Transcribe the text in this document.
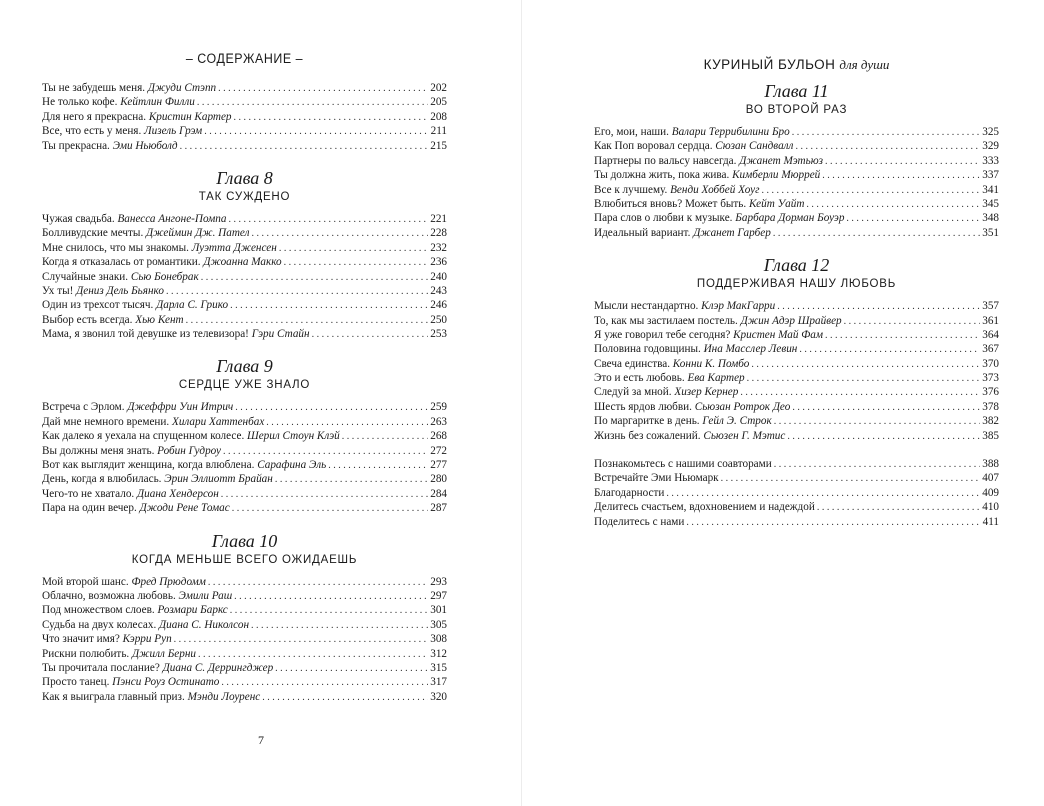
– СОДЕРЖАНИЕ –
Ты не забудешь меня. Джуди Стэпп . . .	202
Не только кофе. Кейтлин Филли . . .	205
Для него я прекрасна. Кристин Картер . . .	208
Все, что есть у меня. Лизель Грэм . . .	211
Ты прекрасна. Эми Ньюболд . . .	215
Глава 8
ТАК СУЖДЕНО
Чужая свадьба. Ванесса Ангоне-Помпа . . .	221
Болливудские мечты. Джеймин Дж. Пател . . .	228
Мне снилось, что мы знакомы. Луэтта Дженсен . . .	232
Когда я отказалась от романтики. Джоанна Макко . . .	236
Случайные знаки. Сью Бонебрак . . .	240
Ух ты! Дениз Дель Бьянко . . .	243
Один из трехсот тысяч. Дарла С. Грико . . .	246
Выбор есть всегда. Хью Кент . . .	250
Мама, я звонил той девушке из телевизора! Гэри Стайн . . .	253
Глава 9
СЕРДЦЕ УЖЕ ЗНАЛО
Встреча с Эрлом. Джеффри Уин Итрич . . .	259
Дай мне немного времени. Хилари Хаттенбах . . .	263
Как далеко я уехала на спущенном колесе. Шерил Стоун Клэй . . .	268
Вы должны меня знать. Робин Гудроу . . .	272
Вот как выглядит женщина, когда влюблена. Сарафина Эль . . .	277
День, когда я влюбилась. Эрин Эллиотт Брайан . . .	280
Чего-то не хватало. Диана Хендерсон . . .	284
Пара на один вечер. Джоди Рене Томас . . .	287
Глава 10
КОГДА МЕНЬШЕ ВСЕГО ОЖИДАЕШЬ
Мой второй шанс. Фред Прюдомм . . .	293
Облачно, возможна любовь. Эмили Раш . . .	297
Под множеством слоев. Розмари Баркс . . .	301
Судьба на двух колесах. Диана С. Николсон . . .	305
Что значит имя? Кэрри Руп . . .	308
Рискни полюбить. Джилл Берни . . .	312
Ты прочитала послание? Диана С. Деррингджер . . .	315
Просто танец. Пэнси Роуз Остинато . . .	317
Как я выиграла главный приз. Мэнди Лоуренс . . .	320
7
КУРИНЫЙ БУЛЬОН для души
Глава 11
ВО ВТОРОЙ РАЗ
Его, мои, наши. Валари Террибилини Бро . . .	325
Как Поп воровал сердца. Сюзан Сандвалл . . .	329
Партнеры по вальсу навсегда. Джанет Мэтьюз . . .	333
Ты должна жить, пока жива. Кимберли Мюррей . . .	337
Все к лучшему. Венди Хоббей Хоуг . . .	341
Влюбиться вновь? Может быть. Кейт Уайт . . .	345
Пара слов о любви к музыке. Барбара Дорман Боуэр . . .	348
Идеальный вариант. Джанет Гарбер . . .	351
Глава 12
ПОДДЕРЖИВАЯ НАШУ ЛЮБОВЬ
Мысли нестандартно. Клэр МакГарри . . .	357
То, как мы застилаем постель. Джин Адэр Шрайвер . . .	361
Я уже говорил тебе сегодня? Кристен Май Фам . . .	364
Половина годовщины. Ина Масслер Левин . . .	367
Свеча единства. Конни К. Помбо . . .	370
Это и есть любовь. Ева Картер . . .	373
Следуй за мной. Хизер Кернер . . .	376
Шесть ярдов любви. Сьюзан Ротрок Део . . .	378
По маргаритке в день. Гейл Э. Строк . . .	382
Жизнь без сожалений. Сьюзен Г. Мэтис . . .	385
Познакомьтесь с нашими соавторами . . .	388
Встречайте Эми Ньюмарк . . .	407
Благодарности . . .	409
Делитесь счастьем, вдохновением и надеждой . . .	410
Поделитесь с нами . . .	411
